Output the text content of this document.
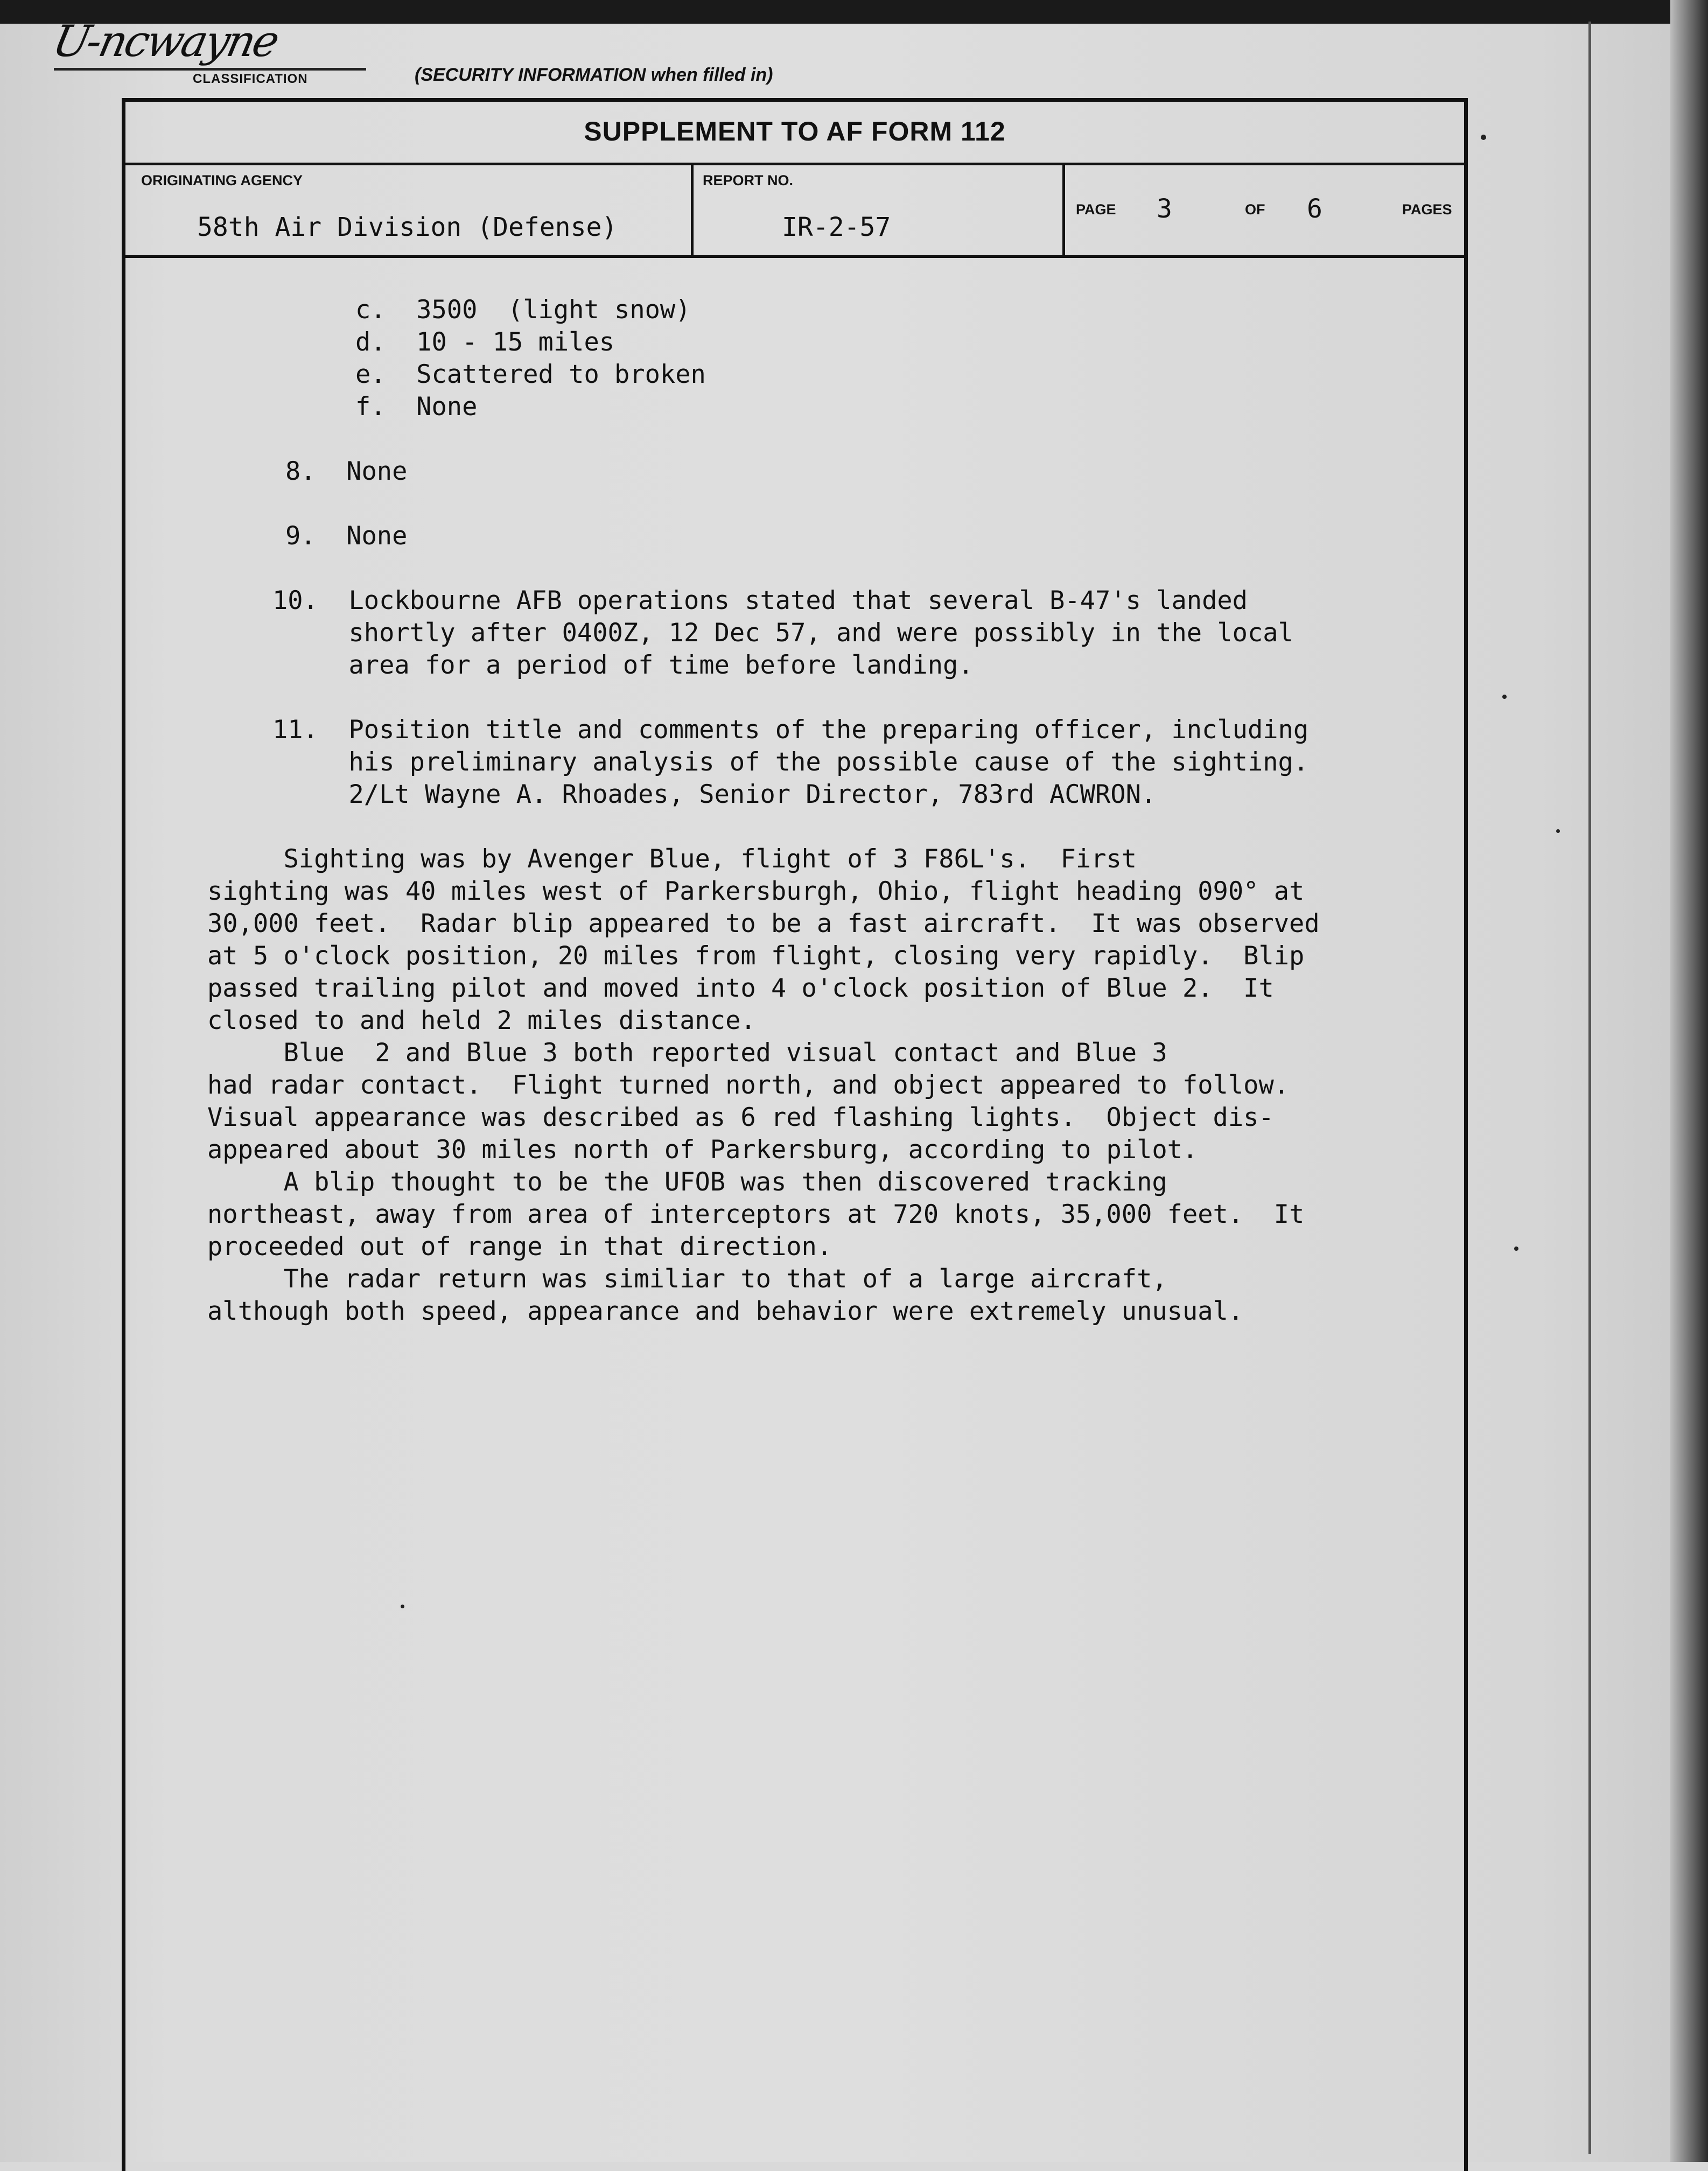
U-ncwayne
CLASSIFICATION	(SECURITY INFORMATION when filled in)
SUPPLEMENT TO AF FORM 112
ORIGINATING AGENCY
58th Air Division (Defense)
REPORT NO.
IR-2-57
PAGE 3	OF 6	PAGES
c.  3500  (light snow)
d.  10 - 15 miles
e.  Scattered to broken
f.  None
8.  None
9.  None
10.  Lockbourne AFB operations stated that several B-47's landed
shortly after 0400Z, 12 Dec 57, and were possibly in the local
area for a period of time before landing.
11.  Position title and comments of the preparing officer, including
his preliminary analysis of the possible cause of the sighting.
2/Lt Wayne A. Rhoades, Senior Director, 783rd ACWRON.
Sighting was by Avenger Blue, flight of 3 F86L's.  First
sighting was 40 miles west of Parkersburgh, Ohio, flight heading 090° at
30,000 feet.  Radar blip appeared to be a fast aircraft.  It was observed
at 5 o'clock position, 20 miles from flight, closing very rapidly.  Blip
passed trailing pilot and moved into 4 o'clock position of Blue 2.  It
closed to and held 2 miles distance.
Blue  2 and Blue 3 both reported visual contact and Blue 3
had radar contact.  Flight turned north, and object appeared to follow.
Visual appearance was described as 6 red flashing lights.  Object dis-
appeared about 30 miles north of Parkersburg, according to pilot.
A blip thought to be the UFOB was then discovered tracking
northeast, away from area of interceptors at 720 knots, 35,000 feet.  It
proceeded out of range in that direction.
The radar return was similiar to that of a large aircraft,
although both speed, appearance and behavior were extremely unusual.
